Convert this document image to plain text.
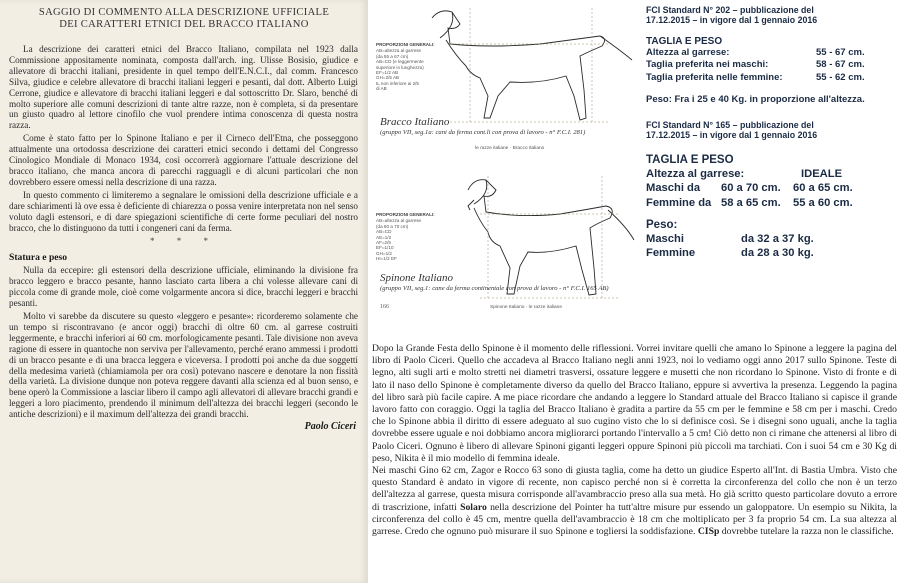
SAGGIO DI COMMENTO ALLA DESCRIZIONE UFFICIALE
DEI CARATTERI ETNICI DEL BRACCO ITALIANO

La descrizione dei caratteri etnici del Bracco Italiano, compilata nel 1923 dalla Commissione appositamente nominata, composta dall'arch. ing. Ulisse Bosisio, giudice e allevatore di bracchi italiani, presidente in quel tempo dell'E.N.C.I., dal comm. Francesco Silva, giudice e celebre allevatore di bracchi italiani leggeri e pesanti, dal dott. Alberto Luigi Cerrone, giudice e allevatore di bracchi italiani leggeri e dal sottoscritto Dr. Slaro, benché di molto superiore alle comuni descrizioni di tante altre razze, non è completa, si da presentare un giusto quadro al lettore cinofilo che vuol prendere intima conoscenza di questa nostra razza.

Come è stato fatto per lo Spinone Italiano e per il Cirneco dell'Etna, che posseggono attualmente una ortodossa descrizione dei caratteri etnici secondo i dettami del Congresso Cinologico Mondiale di Monaco 1934, così occorrerà aggiornare l'attuale descrizione del bracco italiano, che manca ancora di parecchi ragguagli e di alcuni particolari che non dovrebbero essere omessi nella descrizione di una razza.

In questo commento ci limiteremo a segnalare le omissioni della descrizione ufficiale e a dare schiarimenti là ove essa è deficiente di chiarezza o possa venire interpretata non nel senso voluto dagli estensori, e di dare spiegazioni scientifiche di certe forme peculiari del nostro bracco, che lo distinguono da tutti i congeneri cani da ferma.

* * *
Statura e peso

Nulla da eccepire: gli estensori della descrizione ufficiale, eliminando la divisione fra bracco leggero e bracco pesante, hanno lasciato carta libera a chi volesse allevare cani di piccola come di grande mole, cioè come volgarmente ancora si dice, bracchi leggeri e bracchi pesanti.

Molto vi sarebbe da discutere su questo «leggero e pesante»: ricorderemo solamente che un tempo si riscontravano (e ancor oggi) bracchi di oltre 60 cm. al garrese costruiti leggermente, e bracchi inferiori ai 60 cm. morfologicamente pesanti. Tale divisione non aveva ragione di essere in quantoche non serviva per l'allevamento, perché erano ammessi i prodotti di un bracco pesante e di una bracca leggera e viceversa. I prodotti poi anche da due soggetti della medesima varietà (chiamiamola per ora così) potevano nascere e denotare la non fissità della varietà. La divisione dunque non poteva reggere davanti alla scienza ed al buon senso, e bene operò la Commissione a lasciar libero il campo agli allevatori di allevare bracchi grandi e leggeri a loro piacimento, prendendo il minimum dell'altezza dei bracchi leggeri (secondo le antiche descrizioni) e il maximum dell'altezza dei grandi bracchi.

Paolo Ciceri
PROPORZIONI GENERALI:
AB=altezza al garrese
(da 55 a 67 cm)
AB=CD (e leggermente
superiore in lunghezza)
EF=1/2 AB
GH=2/5 AB
IL non inferiore ai 2/5
di AB
Bracco Italiano
(gruppo VII, seg.1a: cani da ferma cont.li con prova di lavoro - n° F.C.I. 281)
le razze italiane · Bracco Italiano
PROPORZIONI GENERALI:
AB=altezza al garrese
(da 60 a 70 cm)
AB=CD
AE=1/2
AF=2/5
EF=1/10
GH=1/2
HI=1/2 EF
Spinone Italiano
(gruppo VII, seg.1: cane da ferma continentale con prova di lavoro - n° F.C.I. 165 AB)
166	Spinone Italiano · le razze italiane
FCI Standard N° 202 – pubblicazione del
17.12.2015 – in vigore dal 1 gennaio 2016
TAGLIA E PESO
Altezza al garrese:	55 - 67 cm.
Taglia preferita nei maschi:	58 - 67 cm.
Taglia preferita nelle femmine:	55 - 62 cm.
Peso: Fra i 25 e 40 Kg. in proporzione all'altezza.
FCI Standard N° 165 – pubblicazione del
17.12.2015 – in vigore dal 1 gennaio 2016
TAGLIA E PESO
Altezza al garrese:	IDEALE
Maschi da	60 a 70 cm.	60 a 65 cm.
Femmine da 58 a 65 cm.	55 a 60 cm.
Peso:
Maschi	da 32 a 37 kg.
Femmine	da 28 a 30 kg.

Dopo la Grande Festa dello Spinone è il momento delle riflessioni. Vorrei invitare quelli che amano lo Spinone a leggere la pagina del libro di Paolo Ciceri. Quello che accadeva al Bracco Italiano negli anni 1923, noi lo vediamo oggi anno 2017 sullo Spinone. Teste di legno, alti sugli arti e molto stretti nei diametri trasversi, ossature leggere e musetti che non ricordano lo Spinone. Visto di fronte e di lato il naso dello Spinone è completamente diverso da quello del Bracco Italiano, eppure si avvertiva la presenza. Leggendo la pagina del libro sarà più facile capire. A me piace ricordare che andando a leggere lo Standard attuale del Bracco Italiano si capisce il grande lavoro fatto con coraggio. Oggi la taglia del Bracco Italiano è gradita a partire da 55 cm per le femmine e 58 cm per i maschi. Credo che lo Spinone abbia il diritto di essere adeguato al suo cugino visto che lo si definisce così. Se i disegni sono uguali, anche la taglia dovrebbe essere uguale e noi dobbiamo ancora migliorarci portando l'intervallo a 5 cm! Ciò detto non ci rimane che attenersi al libro di Paolo Ciceri. Ognuno è libero di allevare Spinoni giganti leggeri oppure Spinoni più piccoli ma tarchiati. Con i suoi 54 cm e 30 Kg di peso, Nikita è il mio modello di femmina ideale.

Nei maschi Gino 62 cm, Zagor e Rocco 63 sono di giusta taglia, come ha detto un giudice Esperto all'Int. di Bastia Umbra. Visto che questo Standard è andato in vigore di recente, non capisco perché non si è corretta la circonferenza del collo che non è un terzo dell'altezza al garrese, questa misura corrisponde all'avambraccio preso alla sua metà. Ho già scritto questo particolare dovuto a errore di trascrizione, infatti Solaro nella descrizione del Pointer ha tutt'altre misure pur essendo un galoppatore. Un esempio su Nikita, la circonferenza del collo è 45 cm, mentre quella dell'avambraccio è 18 cm che moltiplicato per 3 fa proprio 54 cm. La sua altezza al garrese. Credo che ognuno può misurare il suo Spinone e togliersi la soddisfazione. CISp dovrebbe tutelare la razza non le classifiche.
